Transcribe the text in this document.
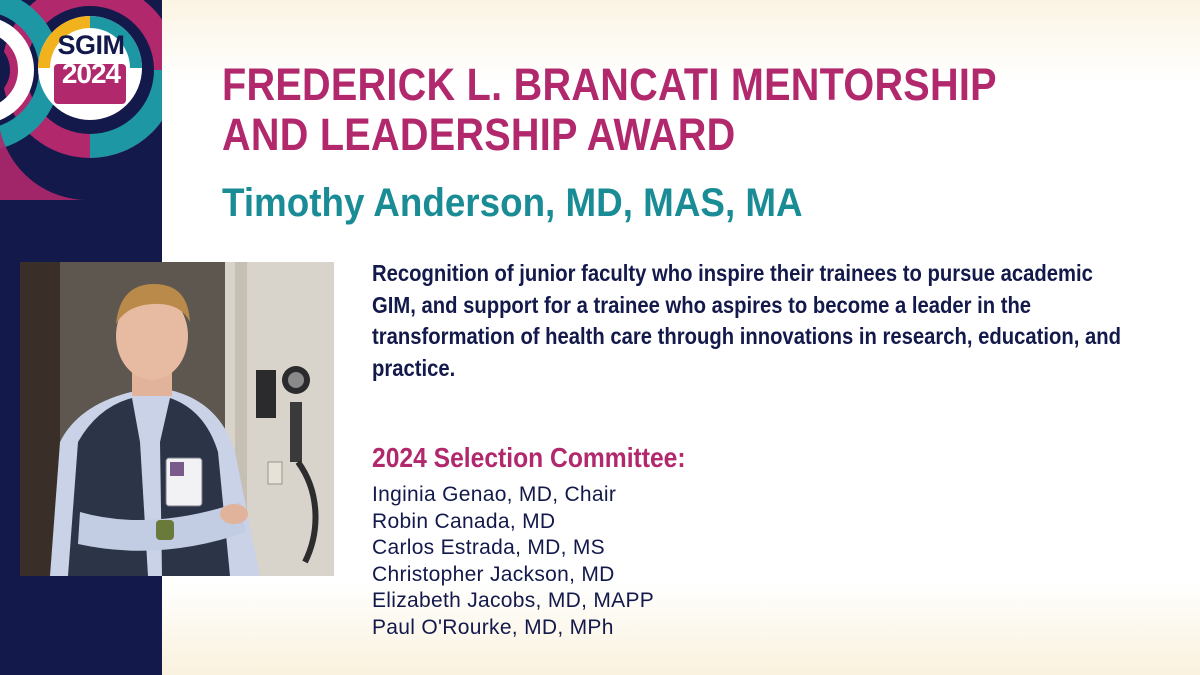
SGIM
2024 FREDERICK L. BRANCATI MENTORSHIP AND LEADERSHIP AWARD
Timothy Anderson, MD, MAS, MA

Recognition of junior faculty who inspire their trainees to pursue academic GIM, and support for a trainee who aspires to become a leader in the transformation of health care through innovations in research, education, and practice.

2024 Selection Committee:
Inginia Genao, MD, Chair
Robin Canada, MD
Carlos Estrada, MD, MS
Christopher Jackson, MD
Elizabeth Jacobs, MD, MAPP
Paul O'Rourke, MD, MPh
